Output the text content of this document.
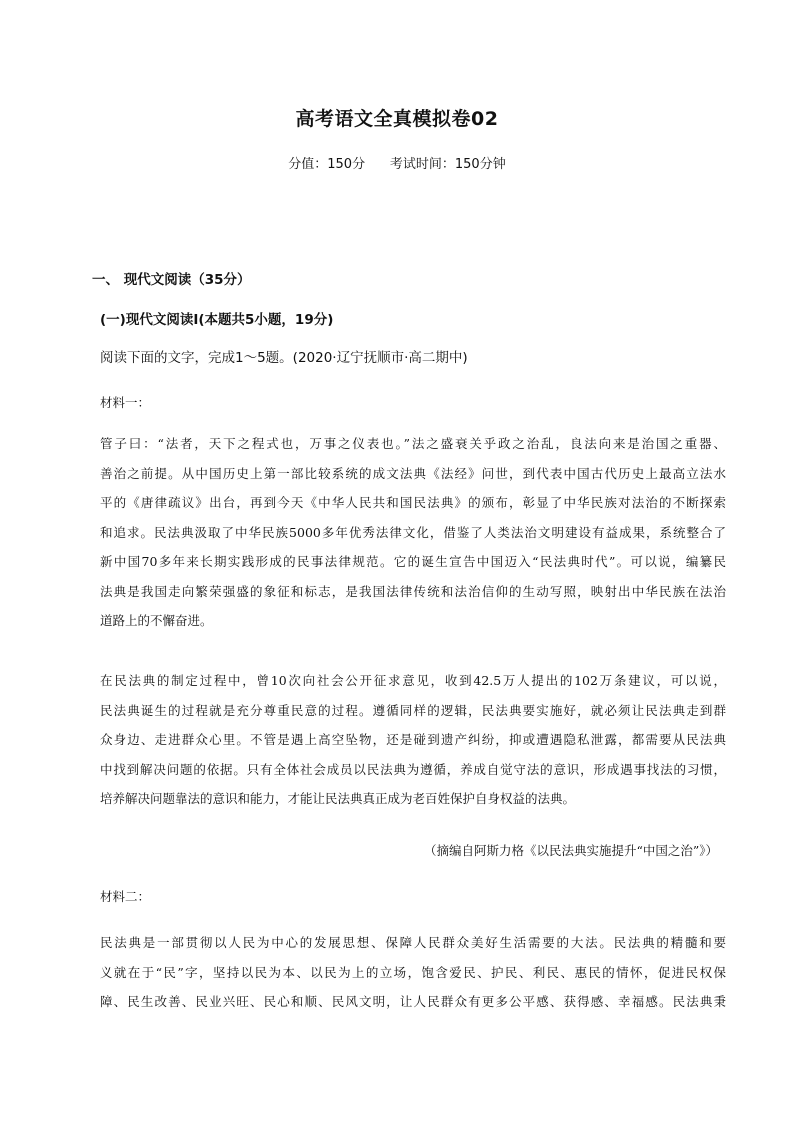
高考语文全真模拟卷02
分值：150分 考试时间：150分钟
一、 现代文阅读（35分）
(一)现代文阅读Ⅰ(本题共5小题，19分)
阅读下面的文字，完成1～5题。(2020·辽宁抚顺市·高二期中)
材料一：
管子曰：“法者，天下之程式也，万事之仪表也。”法之盛衰关乎政之治乱，良法向来是治国之重器、
善治之前提。从中国历史上第一部比较系统的成文法典《法经》问世，到代表中国古代历史上最高立法水
平的《唐律疏议》出台，再到今天《中华人民共和国民法典》的颁布，彰显了中华民族对法治的不断探索
和追求。民法典汲取了中华民族5000多年优秀法律文化，借鉴了人类法治文明建设有益成果，系统整合了
新中国70多年来长期实践形成的民事法律规范。它的诞生宣告中国迈入“民法典时代”。可以说，编纂民
法典是我国走向繁荣强盛的象征和标志，是我国法律传统和法治信仰的生动写照，映射出中华民族在法治
道路上的不懈奋进。
在民法典的制定过程中，曾10次向社会公开征求意见，收到42.5万人提出的102万条建议，可以说，
民法典诞生的过程就是充分尊重民意的过程。遵循同样的逻辑，民法典要实施好，就必须让民法典走到群
众身边、走进群众心里。不管是遇上高空坠物，还是碰到遗产纠纷，抑或遭遇隐私泄露，都需要从民法典
中找到解决问题的依据。只有全体社会成员以民法典为遵循，养成自觉守法的意识，形成遇事找法的习惯，
培养解决问题靠法的意识和能力，才能让民法典真正成为老百姓保护自身权益的法典。
（摘编自阿斯力格《以民法典实施提升“中国之治”》）
材料二：
民法典是一部贯彻以人民为中心的发展思想、保障人民群众美好生活需要的大法。民法典的精髓和要
义就在于“民”字，坚持以民为本、以民为上的立场，饱含爱民、护民、利民、惠民的情怀，促进民权保
障、民生改善、民业兴旺、民心和顺、民风文明，让人民群众有更多公平感、获得感、幸福感。民法典秉
